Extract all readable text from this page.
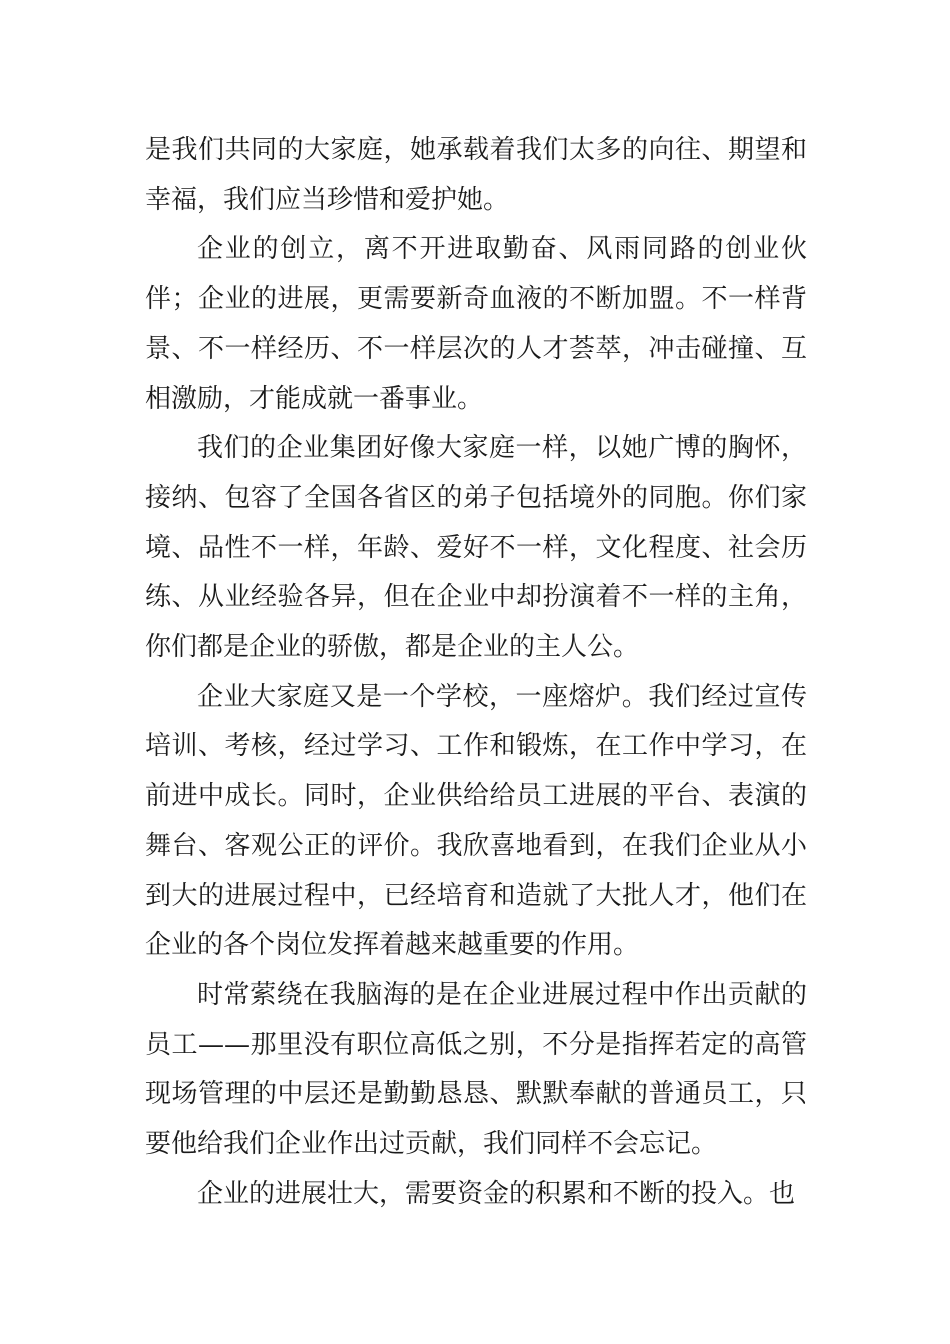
是我们共同的大家庭，她承载着我们太多的向往、期望和幸福，我们应当珍惜和爱护她。

企业的创立，离不开进取勤奋、风雨同路的创业伙伴；企业的进展，更需要新奇血液的不断加盟。不一样背景、不一样经历、不一样层次的人才荟萃，冲击碰撞、互相激励，才能成就一番事业。

我们的企业集团好像大家庭一样，以她广博的胸怀，接纳、包容了全国各省区的弟子包括境外的同胞。你们家境、品性不一样，年龄、爱好不一样，文化程度、社会历练、从业经验各异，但在企业中却扮演着不一样的主角，你们都是企业的骄傲，都是企业的主人公。

企业大家庭又是一个学校，一座熔炉。我们经过宣传培训、考核，经过学习、工作和锻炼，在工作中学习，在前进中成长。同时，企业供给给员工进展的平台、表演的舞台、客观公正的评价。我欣喜地看到，在我们企业从小到大的进展过程中，已经培育和造就了大批人才，他们在企业的各个岗位发挥着越来越重要的作用。

时常萦绕在我脑海的是在企业进展过程中作出贡献的员工——那里没有职位高低之别，不分是指挥若定的高管现场管理的中层还是勤勤恳恳、默默奉献的普通员工，只要他给我们企业作出过贡献，我们同样不会忘记。

企业的进展壮大，需要资金的积累和不断的投入。也
